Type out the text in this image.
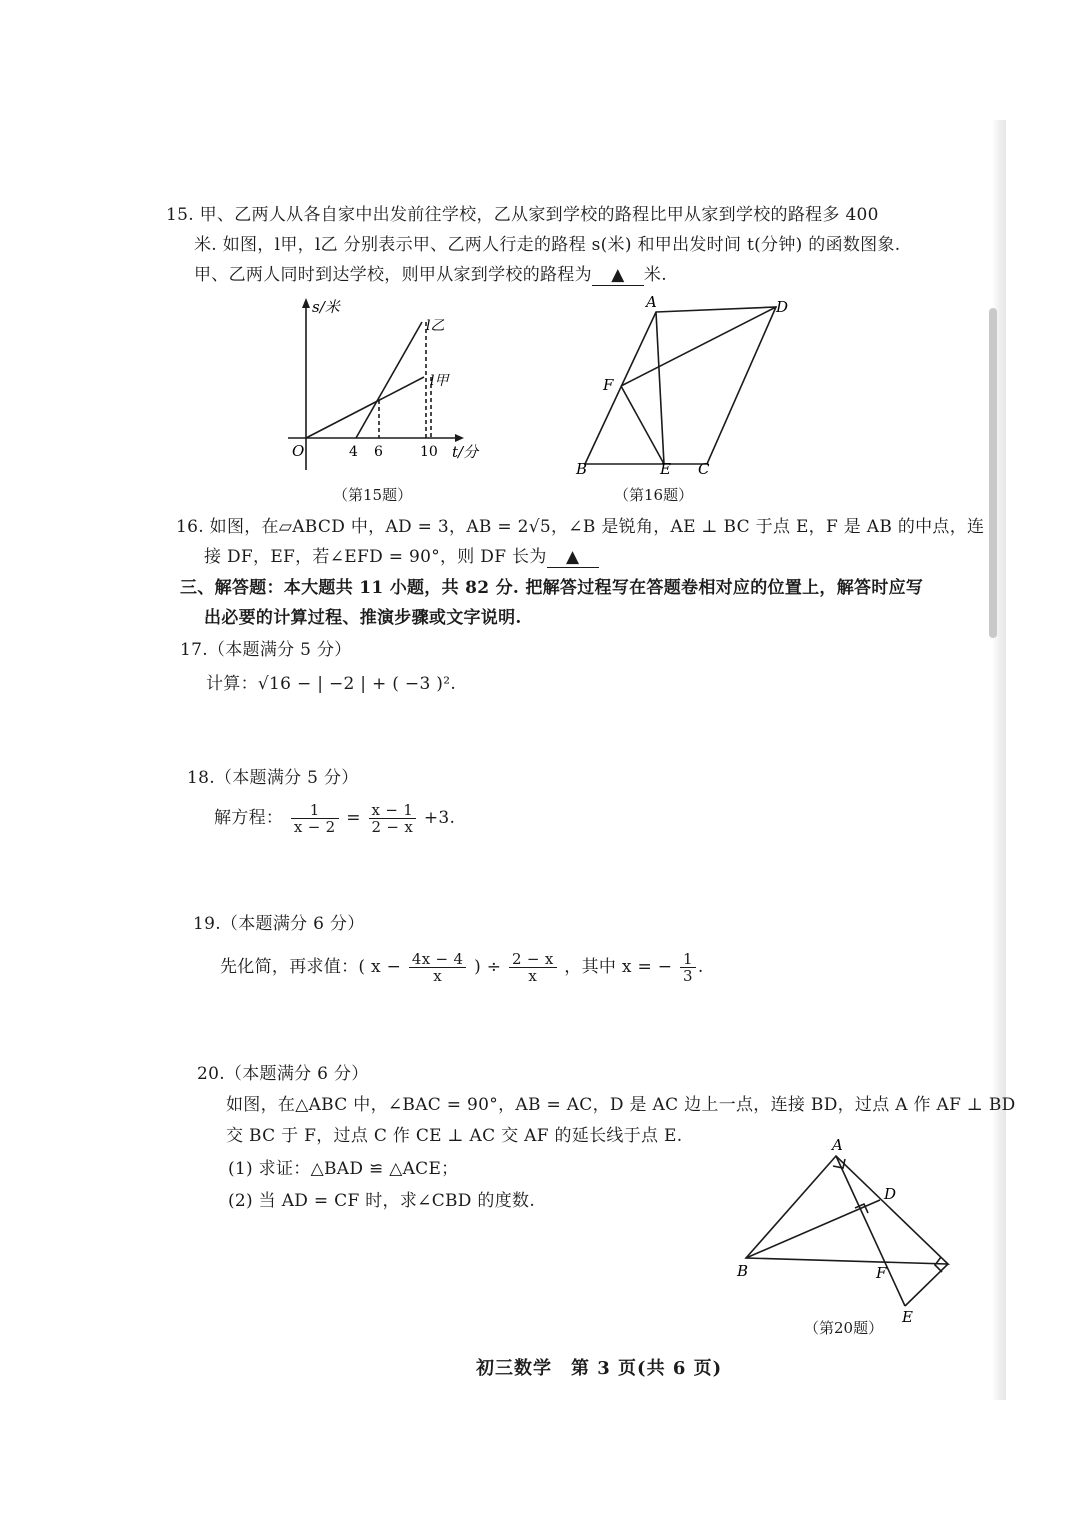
15. 甲、乙两人从各自家中出发前往学校，乙从家到学校的路程比甲从家到学校的路程多 400
米. 如图，l甲，l乙 分别表示甲、乙两人行走的路程 s(米) 和甲出发时间 t(分钟) 的函数图象.
甲、乙两人同时到达学校，则甲从家到学校的路程为 ▲ 米.
s/米
t/分
O	4 6	10
l乙
l甲
A	D
F
B	E C
A
D
B	F
E
（第15题）	（第16题）
16. 如图，在▱ABCD 中，AD = 3，AB = 2√5，∠B 是锐角，AE ⊥ BC 于点 E，F 是 AB 的中点，连
接 DF，EF，若∠EFD = 90°，则 DF 长为 ▲
三、解答题：本大题共 11 小题，共 82 分. 把解答过程写在答题卷相对应的位置上，解答时应写
出必要的计算过程、推演步骤或文字说明.
17.（本题满分 5 分）
计算：√16 − | −2 | + ( −3 )².
18.（本题满分 5 分）
解方程： $\frac{1}{x - 2} = \frac{x - 1}{2 - x} +3$.
19.（本题满分 6 分）
先化简，再求值：( $x - \frac{4x - 4}{x}$ ) ÷ $\frac{2 - x}{x}$ ，其中 x = − $\frac{1}{3}$ .
20.（本题满分 6 分）
如图，在△ABC 中，∠BAC = 90°，AB = AC，D 是 AC 边上一点，连接 BD，过点 A 作 AF ⊥ BD
交 BC 于 F，过点 C 作 CE ⊥ AC 交 AF 的延长线于点 E.
(1) 求证：△BAD ≌ △ACE；
(2) 当 AD = CF 时，求∠CBD 的度数.
（第20题）
初三数学　第 3 页(共 6 页)
